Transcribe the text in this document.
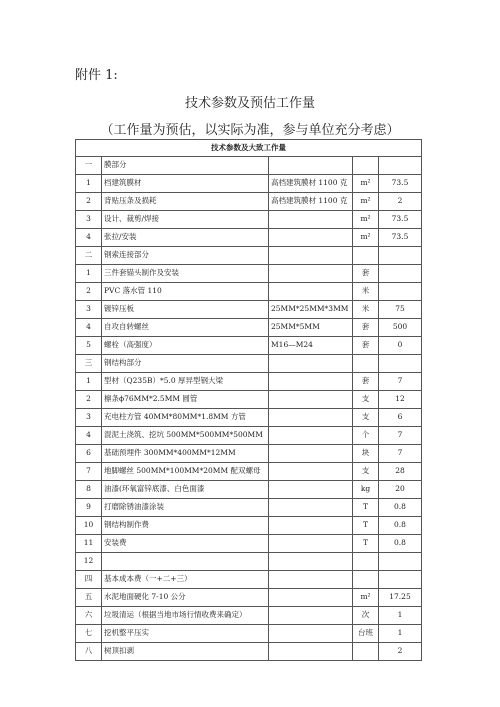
附件 1:
技术参数及预估工作量
（工作量为预估，以实际为准，参与单位充分考虑）
技术参数及大致工作量				
一	膜部分			
1	档建筑膜材	高档建筑膜材 1100 克	m²	73.5
2	背贴压条及损耗	高档建筑膜材 1100 克	m²	2
3	设计、裁剪/焊接		m²	73.5
4	张拉/安装		m²	73.5
二	钢索连接部分			
1	三件套锚头制作及安装		套	
2	PVC 落水管 110		米	
3	镀锌压板	25MM*25MM*3MM	米	75
4	自攻自转螺丝	25MM*5MM	套	500
5	螺栓（高强度）	M16—M24	套	0
三	钢结构部分			
1	型材（Q235B）*5.0 厚异型钢大梁		套	7
2	檩条ϕ76MM*2.5MM 圆管		支	12
3	充电柱方管 40MM*80MM*1.8MM 方管		支	6
4	混泥土浇筑、挖坑 500MM*500MM*500MM		个	7
6	基础预埋件 300MM*400MM*12MM		块	7
7	地脚螺丝 500MM*100MM*20MM 配双螺母		支	28
8	油漆(环氧富锌底漆、白色面漆		kg	20
9	打磨除锈油漆涂装		T	0.8
10	钢结构制作费		T	0.8
11	安装费		T	0.8
12				
四	基本成本费（一+二+三）			
五	水泥地面硬化 7-10 公分		m²	17.25
六	垃圾清运（根据当地市场行情收费来确定）		次	1
七	挖机整平压实		台班	1
八	树顶扣剥			2
